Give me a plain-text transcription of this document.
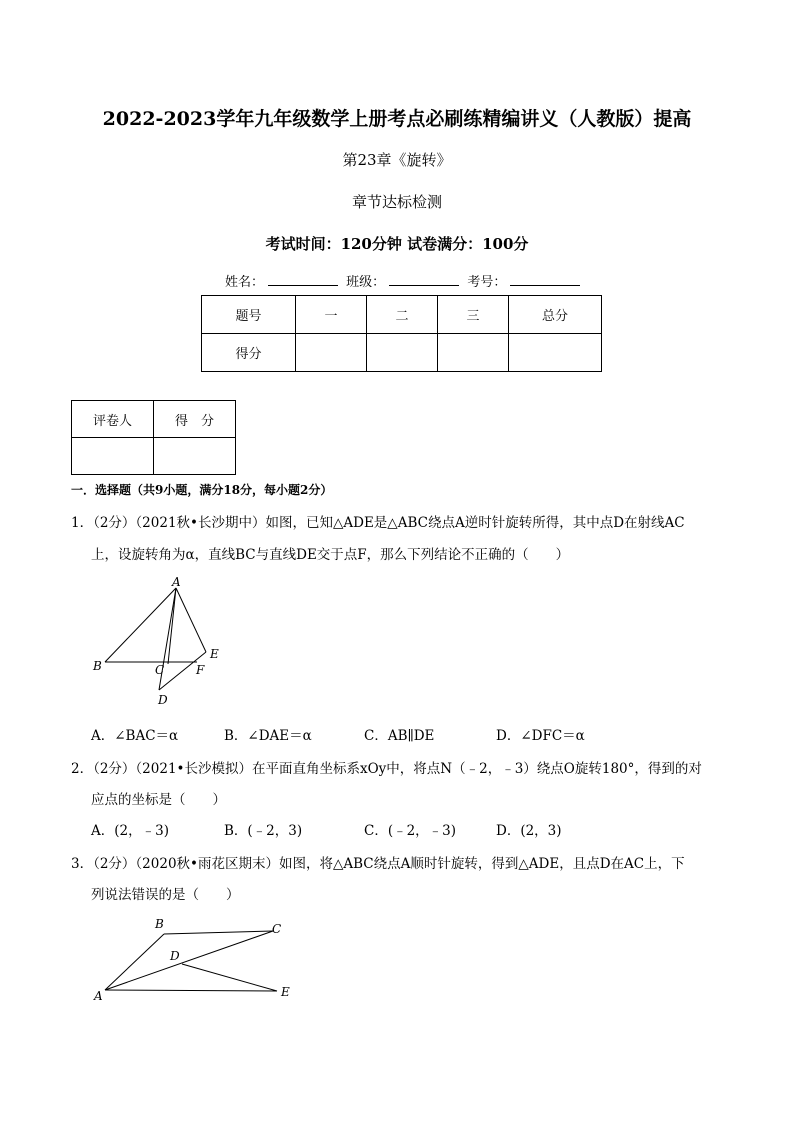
2022-2023学年九年级数学上册考点必刷练精编讲义（人教版）提高
第23章《旋转》
章节达标检测
考试时间：120分钟 试卷满分：100分
姓名：	班级：	考号：
题号	一	二	三	总分
得分				
评卷人	得　分

一．选择题（共9小题，满分18分，每小题2分）
1．（2分）（2021秋•长沙期中）如图，已知△ADE是△ABC绕点A逆时针旋转所得，其中点D在射线AC
上，设旋转角为α，直线BC与直线DE交于点F，那么下列结论不正确的（　　）
A
B	C
D
E
F
A．∠BAC＝α	B．∠DAE＝α	C．AB∥DE	D．∠DFC＝α
2．（2分）（2021•长沙模拟）在平面直角坐标系xOy中，将点N（﹣2，﹣3）绕点O旋转180°，得到的对
应点的坐标是（　　）
A．(2，﹣3)	B．(﹣2，3)	C．(﹣2，﹣3)	D．(2，3)
3．（2分）（2020秋•雨花区期末）如图，将△ABC绕点A顺时针旋转，得到△ADE，且点D在AC上，下
列说法错误的是（　　）
A
B	C
D
E
